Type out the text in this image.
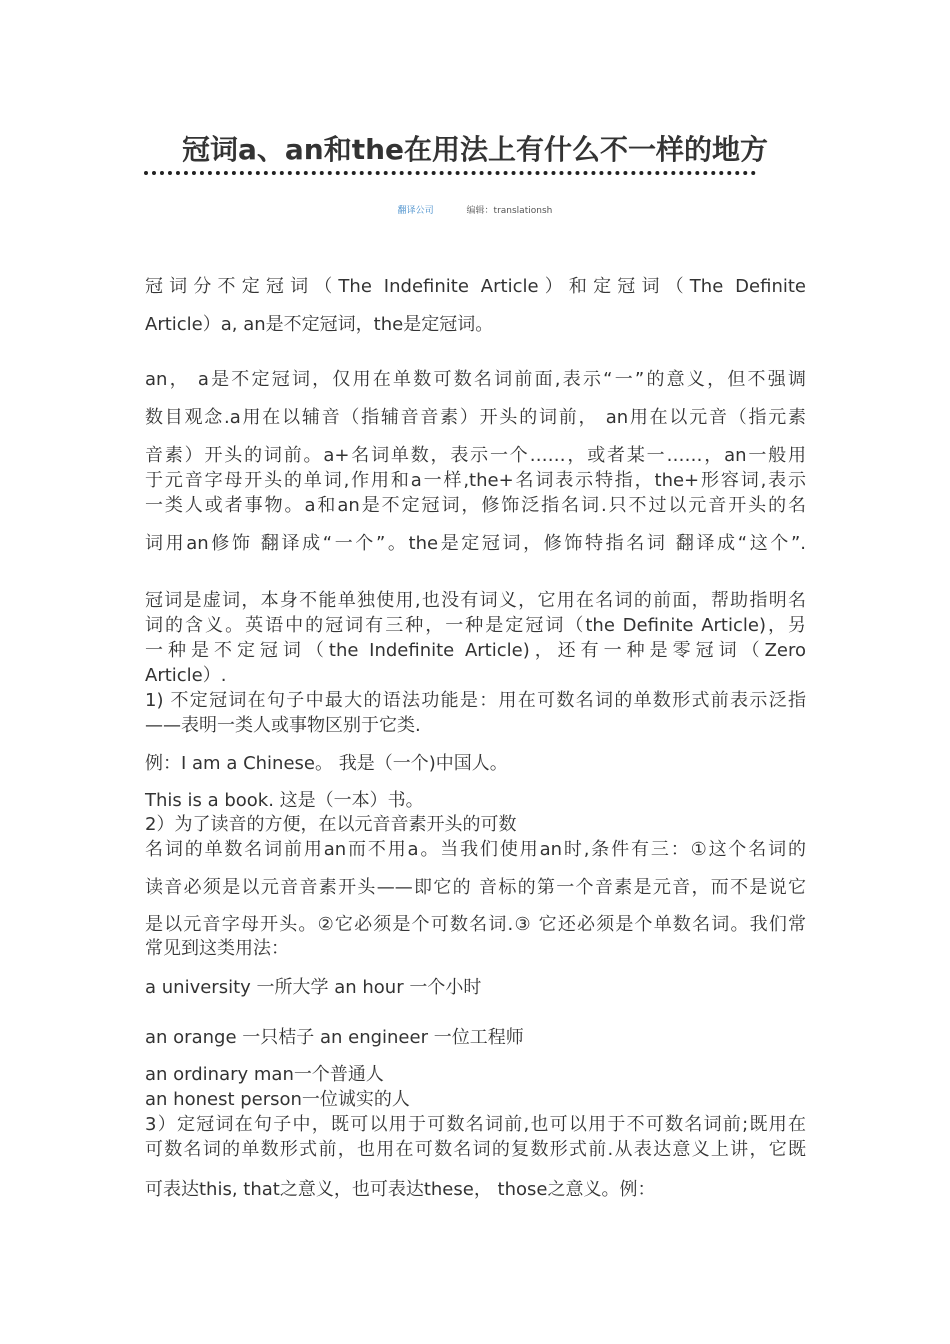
冠词a、an和the在用法上有什么不一样的地方
翻译公司	编辑：translationsh
冠词分不定冠词（The Indefinite Article）和定冠词（The Definite
Article）a, an是不定冠词，the是定冠词。
an， a是不定冠词，仅用在单数可数名词前面,表示“一”的意义，但不强调
数目观念.a用在以辅音（指辅音音素）开头的词前， an用在以元音（指元素
音素）开头的词前。a+名词单数，表示一个……，或者某一……，an一般用
于元音字母开头的单词,作用和a一样,the+名词表示特指，the+形容词,表示
一类人或者事物。a和an是不定冠词，修饰泛指名词.只不过以元音开头的名
词用an修饰 翻译成“一个”。the是定冠词，修饰特指名词 翻译成“这个”.
冠词是虚词，本身不能单独使用,也没有词义，它用在名词的前面，帮助指明名
词的含义。英语中的冠词有三种，一种是定冠词（the Definite Article)，另
一种是不定冠词（the Indefinite Article)，还有一种是零冠词（Zero
Article）.
1) 不定冠词在句子中最大的语法功能是：用在可数名词的单数形式前表示泛指
——表明一类人或事物区别于它类.
例：I am a Chinese。 我是（一个)中国人。
This is a book. 这是（一本）书。
2）为了读音的方便，在以元音音素开头的可数
名词的单数名词前用an而不用a。当我们使用an时,条件有三：①这个名词的
读音必须是以元音音素开头——即它的 音标的第一个音素是元音，而不是说它
是以元音字母开头。②它必须是个可数名词.③ 它还必须是个单数名词。我们常
常见到这类用法：
a university 一所大学 an hour 一个小时
an orange 一只桔子 an engineer 一位工程师
an ordinary man一个普通人
an honest person一位诚实的人
3）定冠词在句子中，既可以用于可数名词前,也可以用于不可数名词前;既用在
可数名词的单数形式前，也用在可数名词的复数形式前.从表达意义上讲，它既
可表达this, that之意义，也可表达these， those之意义。例：
